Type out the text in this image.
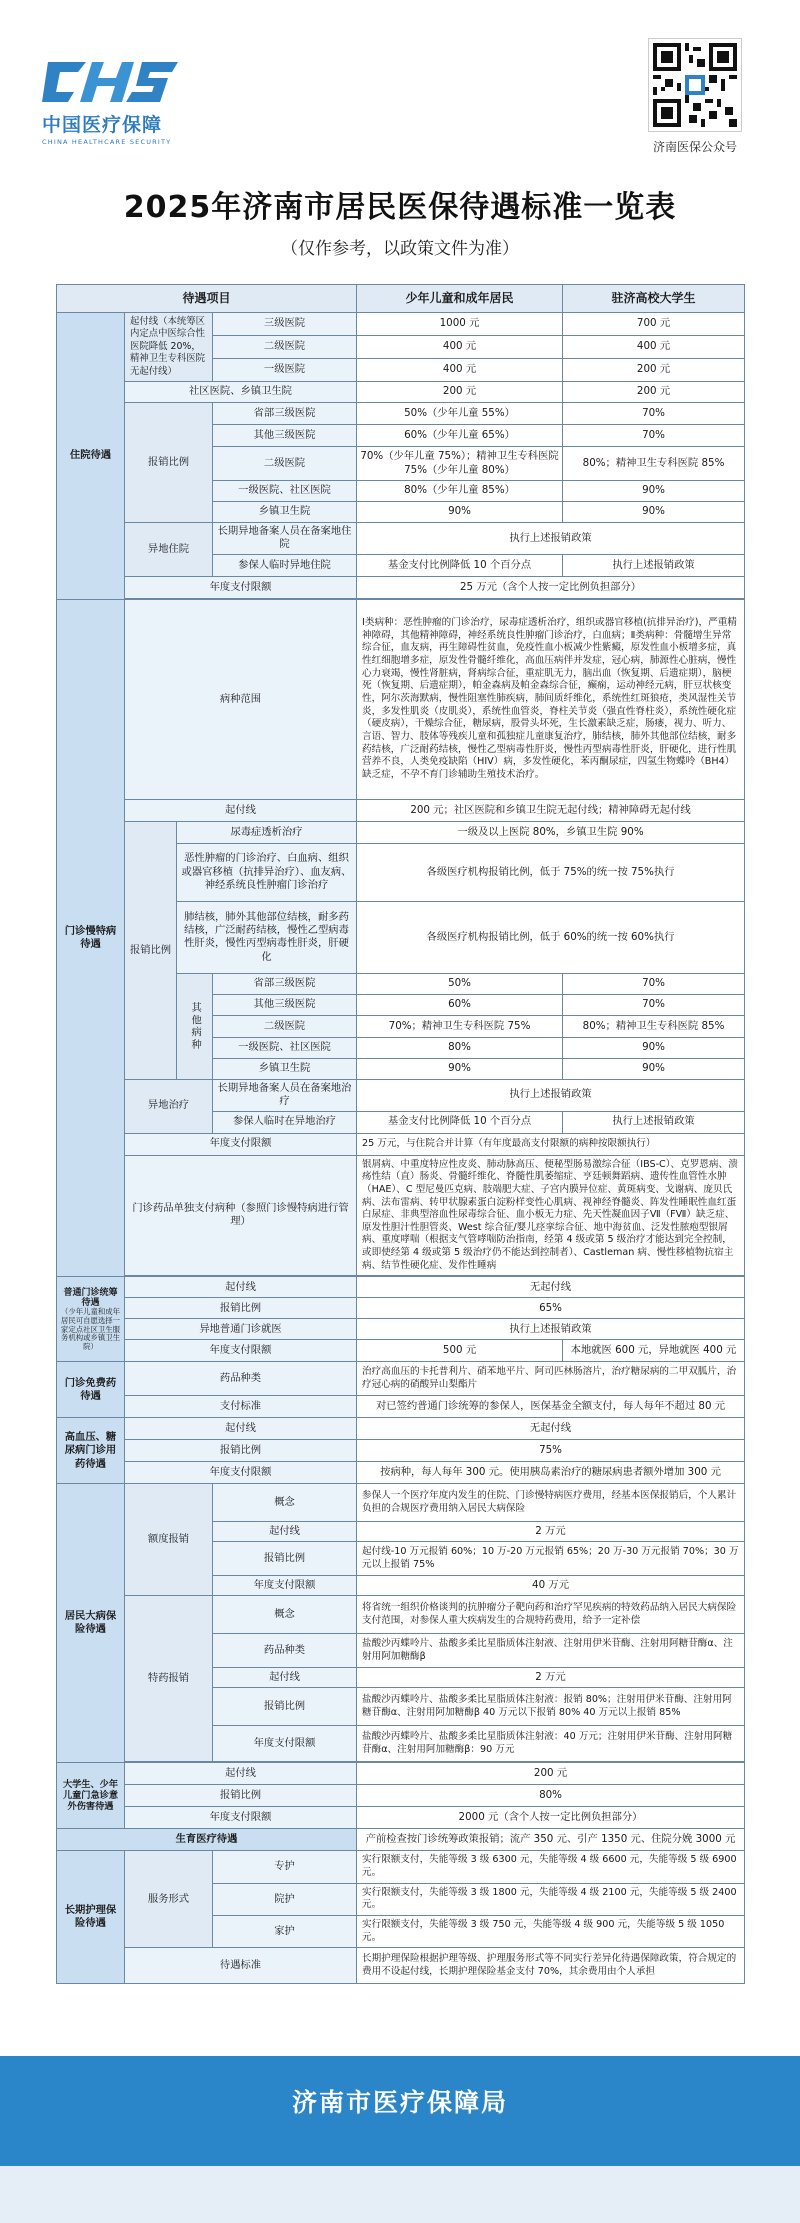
中国医疗保障
CHINA HEALTHCARE SECURITY	济南医保公众号
2025年济南市居民医保待遇标准一览表
（仅作参考，以政策文件为准）
待遇项目				少年儿童和成年居民	驻济高校大学生
住院待遇	起付线（本统筹区内定点中医综合性医院降低 20%，精神卫生专科医院无起付线）		三级医院	1000 元	700 元
			二级医院	400 元	400 元
			一级医院	400 元	200 元
	社区医院、乡镇卫生院			200 元	200 元
	报销比例		省部三级医院	50%（少年儿童 55%）	70%
			其他三级医院	60%（少年儿童 65%）	70%
			二级医院	70%（少年儿童 75%）；精神卫生专科医院 75%（少年儿童 80%）	80%；精神卫生专科医院 85%
			一级医院、社区医院	80%（少年儿童 85%）	90%
			乡镇卫生院	90%	90%
	异地住院		长期异地备案人员在备案地住院	执行上述报销政策	
			参保人临时异地住院	基金支付比例降低 10 个百分点	执行上述报销政策
	年度支付限额			25 万元（含个人按一定比例负担部分）	

门诊慢特病待遇	病种范围			Ⅰ类病种：恶性肿瘤的门诊治疗，尿毒症透析治疗，组织或器官移植(抗排异治疗)，严重精神障碍，其他精神障碍，神经系统良性肿瘤门诊治疗，白血病；Ⅱ类病种：骨髓增生异常综合征，血友病，再生障碍性贫血，免疫性血小板减少性紫癜，原发性血小板增多症，真性红细胞增多症，原发性骨髓纤维化，高血压病伴并发症，冠心病，肺源性心脏病，慢性心力衰竭，慢性肾脏病，肾病综合征，重症肌无力，脑出血（恢复期、后遗症期），脑梗死（恢复期、后遗症期），帕金森病及帕金森综合征，癫痫，运动神经元病，肝豆状核变性，阿尔茨海默病，慢性阻塞性肺疾病，肺间质纤维化，系统性红斑狼疮，类风湿性关节炎，多发性肌炎（皮肌炎），系统性血管炎，脊柱关节炎（强直性脊柱炎），系统性硬化症（硬皮病），干燥综合征，糖尿病，股骨头坏死，生长激素缺乏症，肠瘘，视力、听力、言语、智力、肢体等残疾儿童和孤独症儿童康复治疗，肺结核，肺外其他部位结核，耐多药结核，广泛耐药结核，慢性乙型病毒性肝炎，慢性丙型病毒性肝炎，肝硬化，进行性肌营养不良，人类免疫缺陷（HIV）病，多发性硬化，苯丙酮尿症，四氢生物蝶呤（BH4）缺乏症，不孕不育门诊辅助生殖技术治疗。	
	起付线			200 元；社区医院和乡镇卫生院无起付线；精神障碍无起付线	
	报销比例	尿毒症透析治疗		一级及以上医院 80%，乡镇卫生院 90%	
		恶性肿瘤的门诊治疗、白血病、组织或器官移植（抗排异治疗）、血友病、神经系统良性肿瘤门诊治疗		各级医疗机构报销比例，低于 75%的统一按 75%执行	
		肺结核，肺外其他部位结核，耐多药结核，广泛耐药结核，慢性乙型病毒性肝炎，慢性丙型病毒性肝炎，肝硬化		各级医疗机构报销比例，低于 60%的统一按 60%执行	
		其他病种	省部三级医院	50%	70%
			其他三级医院	60%	70%
			二级医院	70%；精神卫生专科医院 75%	80%；精神卫生专科医院 85%
			一级医院、社区医院	80%	90%
			乡镇卫生院	90%	90%
	异地治疗		长期异地备案人员在备案地治疗	执行上述报销政策	
			参保人临时在异地治疗	基金支付比例降低 10 个百分点	执行上述报销政策
	年度支付限额			25 万元，与住院合并计算（有年度最高支付限额的病种按限额执行）	
	门诊药品单独支付病种（参照门诊慢特病进行管理）			银屑病、中重度特应性皮炎、肺动脉高压、便秘型肠易激综合征（IBS-C）、克罗恩病、溃疡性结（直）肠炎、骨髓纤维化、脊髓性肌萎缩症、亨廷顿舞蹈病、遗传性血管性水肿（HAE）、C 型尼曼匹克病、肢端肥大症、子宫内膜异位症、黄斑病变、戈谢病、庞贝氏病、法布雷病、转甲状腺素蛋白淀粉样变性心肌病、视神经脊髓炎、阵发性睡眠性血红蛋白尿症、非典型溶血性尿毒综合征、血小板无力症、先天性凝血因子Ⅶ（FⅦ）缺乏症、原发性胆汁性胆管炎、West 综合征/婴儿痉挛综合征、地中海贫血、泛发性脓疱型银屑病、重度哮喘（根据支气管哮喘防治指南，经第 4 级或第 5 级治疗才能达到完全控制，或即使经第 4 级或第 5 级治疗仍不能达到控制者）、Castleman 病、慢性移植物抗宿主病、结节性硬化症、发作性睡病	

普通门诊统筹待遇
（少年儿童和成年居民可自愿选择一家定点社区卫生服务机构或乡镇卫生院）	起付线			无起付线	
	报销比例			65%	
	异地普通门诊就医			执行上述报销政策	
	年度支付限额			500 元	本地就医 600 元，异地就医 400 元
门诊免费药待遇	药品种类			治疗高血压的卡托普利片、硝苯地平片、阿司匹林肠溶片，治疗糖尿病的二甲双胍片，治疗冠心病的硝酸异山梨酯片	
	支付标准			对已签约普通门诊统筹的参保人，医保基金全额支付，每人每年不超过 80 元	
高血压、糖尿病门诊用药待遇	起付线			无起付线	
	报销比例			75%	
	年度支付限额			按病种，每人每年 300 元。使用胰岛素治疗的糖尿病患者额外增加 300 元	
居民大病保险待遇	额度报销		概念	参保人一个医疗年度内发生的住院、门诊慢特病医疗费用，经基本医保报销后，个人累计负担的合规医疗费用纳入居民大病保险	
			起付线	2 万元	
			报销比例	起付线-10 万元报销 60%；10 万-20 万元报销 65%；20 万-30 万元报销 70%；30 万元以上报销 75%	
			年度支付限额	40 万元	
	特药报销		概念	将省统一组织价格谈判的抗肿瘤分子靶向药和治疗罕见疾病的特效药品纳入居民大病保险支付范围，对参保人重大疾病发生的合规特药费用，给予一定补偿	
			药品种类	盐酸沙丙蝶呤片、盐酸多柔比星脂质体注射液、注射用伊米苷酶、注射用阿糖苷酶α、注射用阿加糖酶β	
			起付线	2 万元	
			报销比例	盐酸沙丙蝶呤片、盐酸多柔比星脂质体注射液：报销 80%；注射用伊米苷酶、注射用阿糖苷酶α、注射用阿加糖酶β 40 万元以下报销 80% 40 万元以上报销 85%	
			年度支付限额	盐酸沙丙蝶呤片、盐酸多柔比星脂质体注射液：40 万元；注射用伊米苷酶、注射用阿糖苷酶α、注射用阿加糖酶β：90 万元	

大学生、少年儿童门急诊意外伤害待遇	起付线			200 元	
	报销比例			80%	
	年度支付限额			2000 元（含个人按一定比例负担部分）	
生育医疗待遇				产前检查按门诊统筹政策报销；流产 350 元、引产 1350 元、住院分娩 3000 元	
长期护理保险待遇	服务形式		专护	实行限额支付，失能等级 3 级 6300 元，失能等级 4 级 6600 元，失能等级 5 级 6900 元。	
			院护	实行限额支付，失能等级 3 级 1800 元，失能等级 4 级 2100 元，失能等级 5 级 2400 元。	
			家护	实行限额支付，失能等级 3 级 750 元，失能等级 4 级 900 元，失能等级 5 级 1050 元。	
	待遇标准			长期护理保险根据护理等级、护理服务形式等不同实行差异化待遇保障政策，符合规定的费用不设起付线，长期护理保险基金支付 70%，其余费用由个人承担	
济南市医疗保障局
